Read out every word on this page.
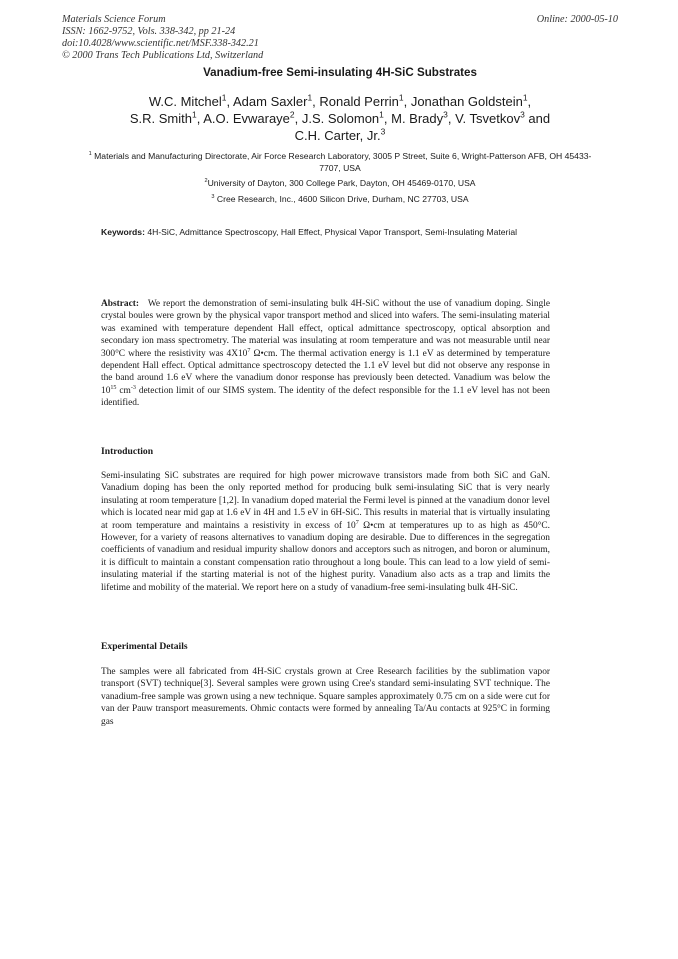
Materials Science Forum
ISSN: 1662-9752, Vols. 338-342, pp 21-24
doi:10.4028/www.scientific.net/MSF.338-342.21
© 2000 Trans Tech Publications Ltd, Switzerland
Online: 2000-05-10
Vanadium-free Semi-insulating 4H-SiC Substrates
W.C. Mitchel$^1$, Adam Saxler$^1$, Ronald Perrin$^1$, Jonathan Goldstein$^1$,
S.R. Smith$^1$, A.O. Evwaraye$^2$, J.S. Solomon$^1$, M. Brady$^3$, V. Tsvetkov$^3$ and
C.H. Carter, Jr.$^3$
$^1$ Materials and Manufacturing Directorate, Air Force Research Laboratory, 3005 P Street, Suite 6, Wright-Patterson AFB, OH 45433-7707, USA
$^2$University of Dayton, 300 College Park, Dayton, OH 45469-0170, USA
$^3$ Cree Research, Inc., 4600 Silicon Drive, Durham, NC 27703, USA
Keywords: 4H-SiC, Admittance Spectroscopy, Hall Effect, Physical Vapor Transport, Semi-Insulating Material
Abstract: We report the demonstration of semi-insulating bulk 4H-SiC without the use of vanadium doping. Single crystal boules were grown by the physical vapor transport method and sliced into wafers. The semi-insulating material was examined with temperature dependent Hall effect, optical admittance spectroscopy, optical absorption and secondary ion mass spectrometry. The material was insulating at room temperature and was not measurable until near 300°C where the resistivity was $4X10^7$ Ω•cm. The thermal activation energy is 1.1 eV as determined by temperature dependent Hall effect. Optical admittance spectroscopy detected the 1.1 eV level but did not observe any response in the band around 1.6 eV where the vanadium donor response has previously been detected. Vanadium was below the $10^{15}$ $cm^{-3}$ detection limit of our SIMS system. The identity of the defect responsible for the 1.1 eV level has not been identified.
Introduction
Semi-insulating SiC substrates are required for high power microwave transistors made from both SiC and GaN. Vanadium doping has been the only reported method for producing bulk semi-insulating SiC that is very nearly insulating at room temperature [1,2]. In vanadium doped material the Fermi level is pinned at the vanadium donor level which is located near mid gap at 1.6 eV in 4H and 1.5 eV in 6H-SiC. This results in material that is virtually insulating at room temperature and maintains a resistivity in excess of $10^7$ Ω•cm at temperatures up to as high as 450°C. However, for a variety of reasons alternatives to vanadium doping are desirable. Due to differences in the segregation coefficients of vanadium and residual impurity shallow donors and acceptors such as nitrogen, and boron or aluminum, it is difficult to maintain a constant compensation ratio throughout a long boule. This can lead to a low yield of semi-insulating material if the starting material is not of the highest purity. Vanadium also acts as a trap and limits the lifetime and mobility of the material. We report here on a study of vanadium-free semi-insulating bulk 4H-SiC.
Experimental Details
The samples were all fabricated from 4H-SiC crystals grown at Cree Research facilities by the sublimation vapor transport (SVT) technique[3]. Several samples were grown using Cree's standard semi-insulating SVT technique. The vanadium-free sample was grown using a new technique. Square samples approximately 0.75 cm on a side were cut for van der Pauw transport measurements. Ohmic contacts were formed by annealing Ta/Au contacts at 925°C in forming gas
